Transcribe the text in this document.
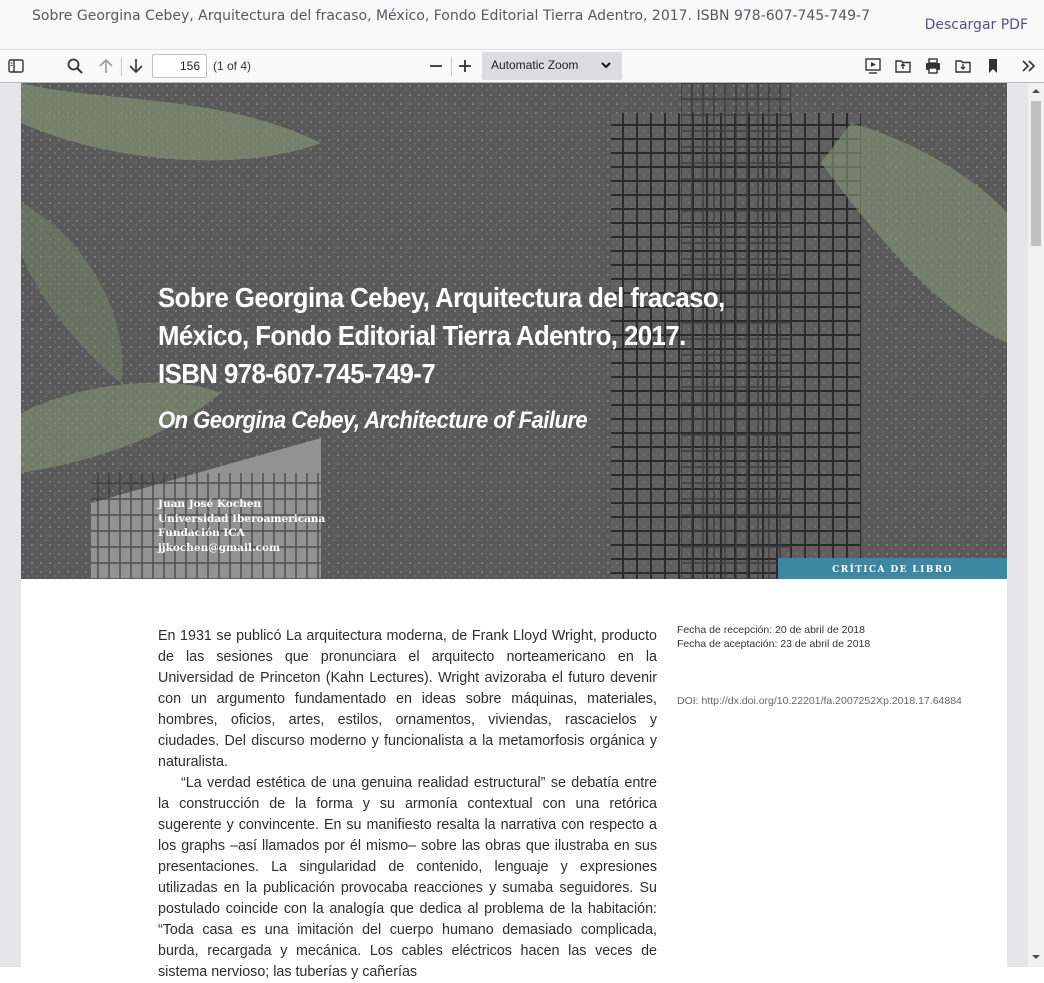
Sobre Georgina Cebey, Arquitectura del fracaso, México, Fondo Editorial Tierra Adentro, 2017. ISBN 978-607-745-749-7
Descargar PDF
156
(1 of 4)	Automatic Zoom
Sobre Georgina Cebey, Arquitectura del fracaso,
México, Fondo Editorial Tierra Adentro, 2017.
ISBN 978-607-745-749-7
On Georgina Cebey, Architecture of Failure
Juan José Kochen
Universidad Iberoamericana
Fundación ICA
jjkochen@gmail.com
CRÍTICA DE LIBRO

En 1931 se publicó La arquitectura moderna, de Frank Lloyd Wright, producto de las sesiones que pronunciara el arquitecto norteamericano en la Universidad de Princeton (Kahn Lectures). Wright avizoraba el futuro devenir con un argumento fundamentado en ideas sobre máquinas, materiales, hombres, oficios, artes, estilos, ornamentos, viviendas, rascacielos y ciudades. Del discurso moderno y funcionalista a la metamorfosis orgánica y naturalista.

“La verdad estética de una genuina realidad estructural” se debatía entre la construcción de la forma y su armonía contextual con una retórica sugerente y convincente. En su manifiesto resalta la narrativa con respecto a los graphs –así llamados por él mismo– sobre las obras que ilustraba en sus presentaciones. La singularidad de contenido, lenguaje y expresiones utilizadas en la publicación provocaba reacciones y sumaba seguidores. Su postulado coincide con la analogía que dedica al problema de la habitación: “Toda casa es una imitación del cuerpo humano demasiado complicada, burda, recargada y mecánica. Los cables eléctricos hacen las veces de sistema nervioso; las tuberías y cañerías

Fecha de recepción: 20 de abril de 2018
Fecha de aceptación: 23 de abril de 2018
DOI: http://dx.doi.org/10.22201/fa.2007252Xp.2018.17.64884
